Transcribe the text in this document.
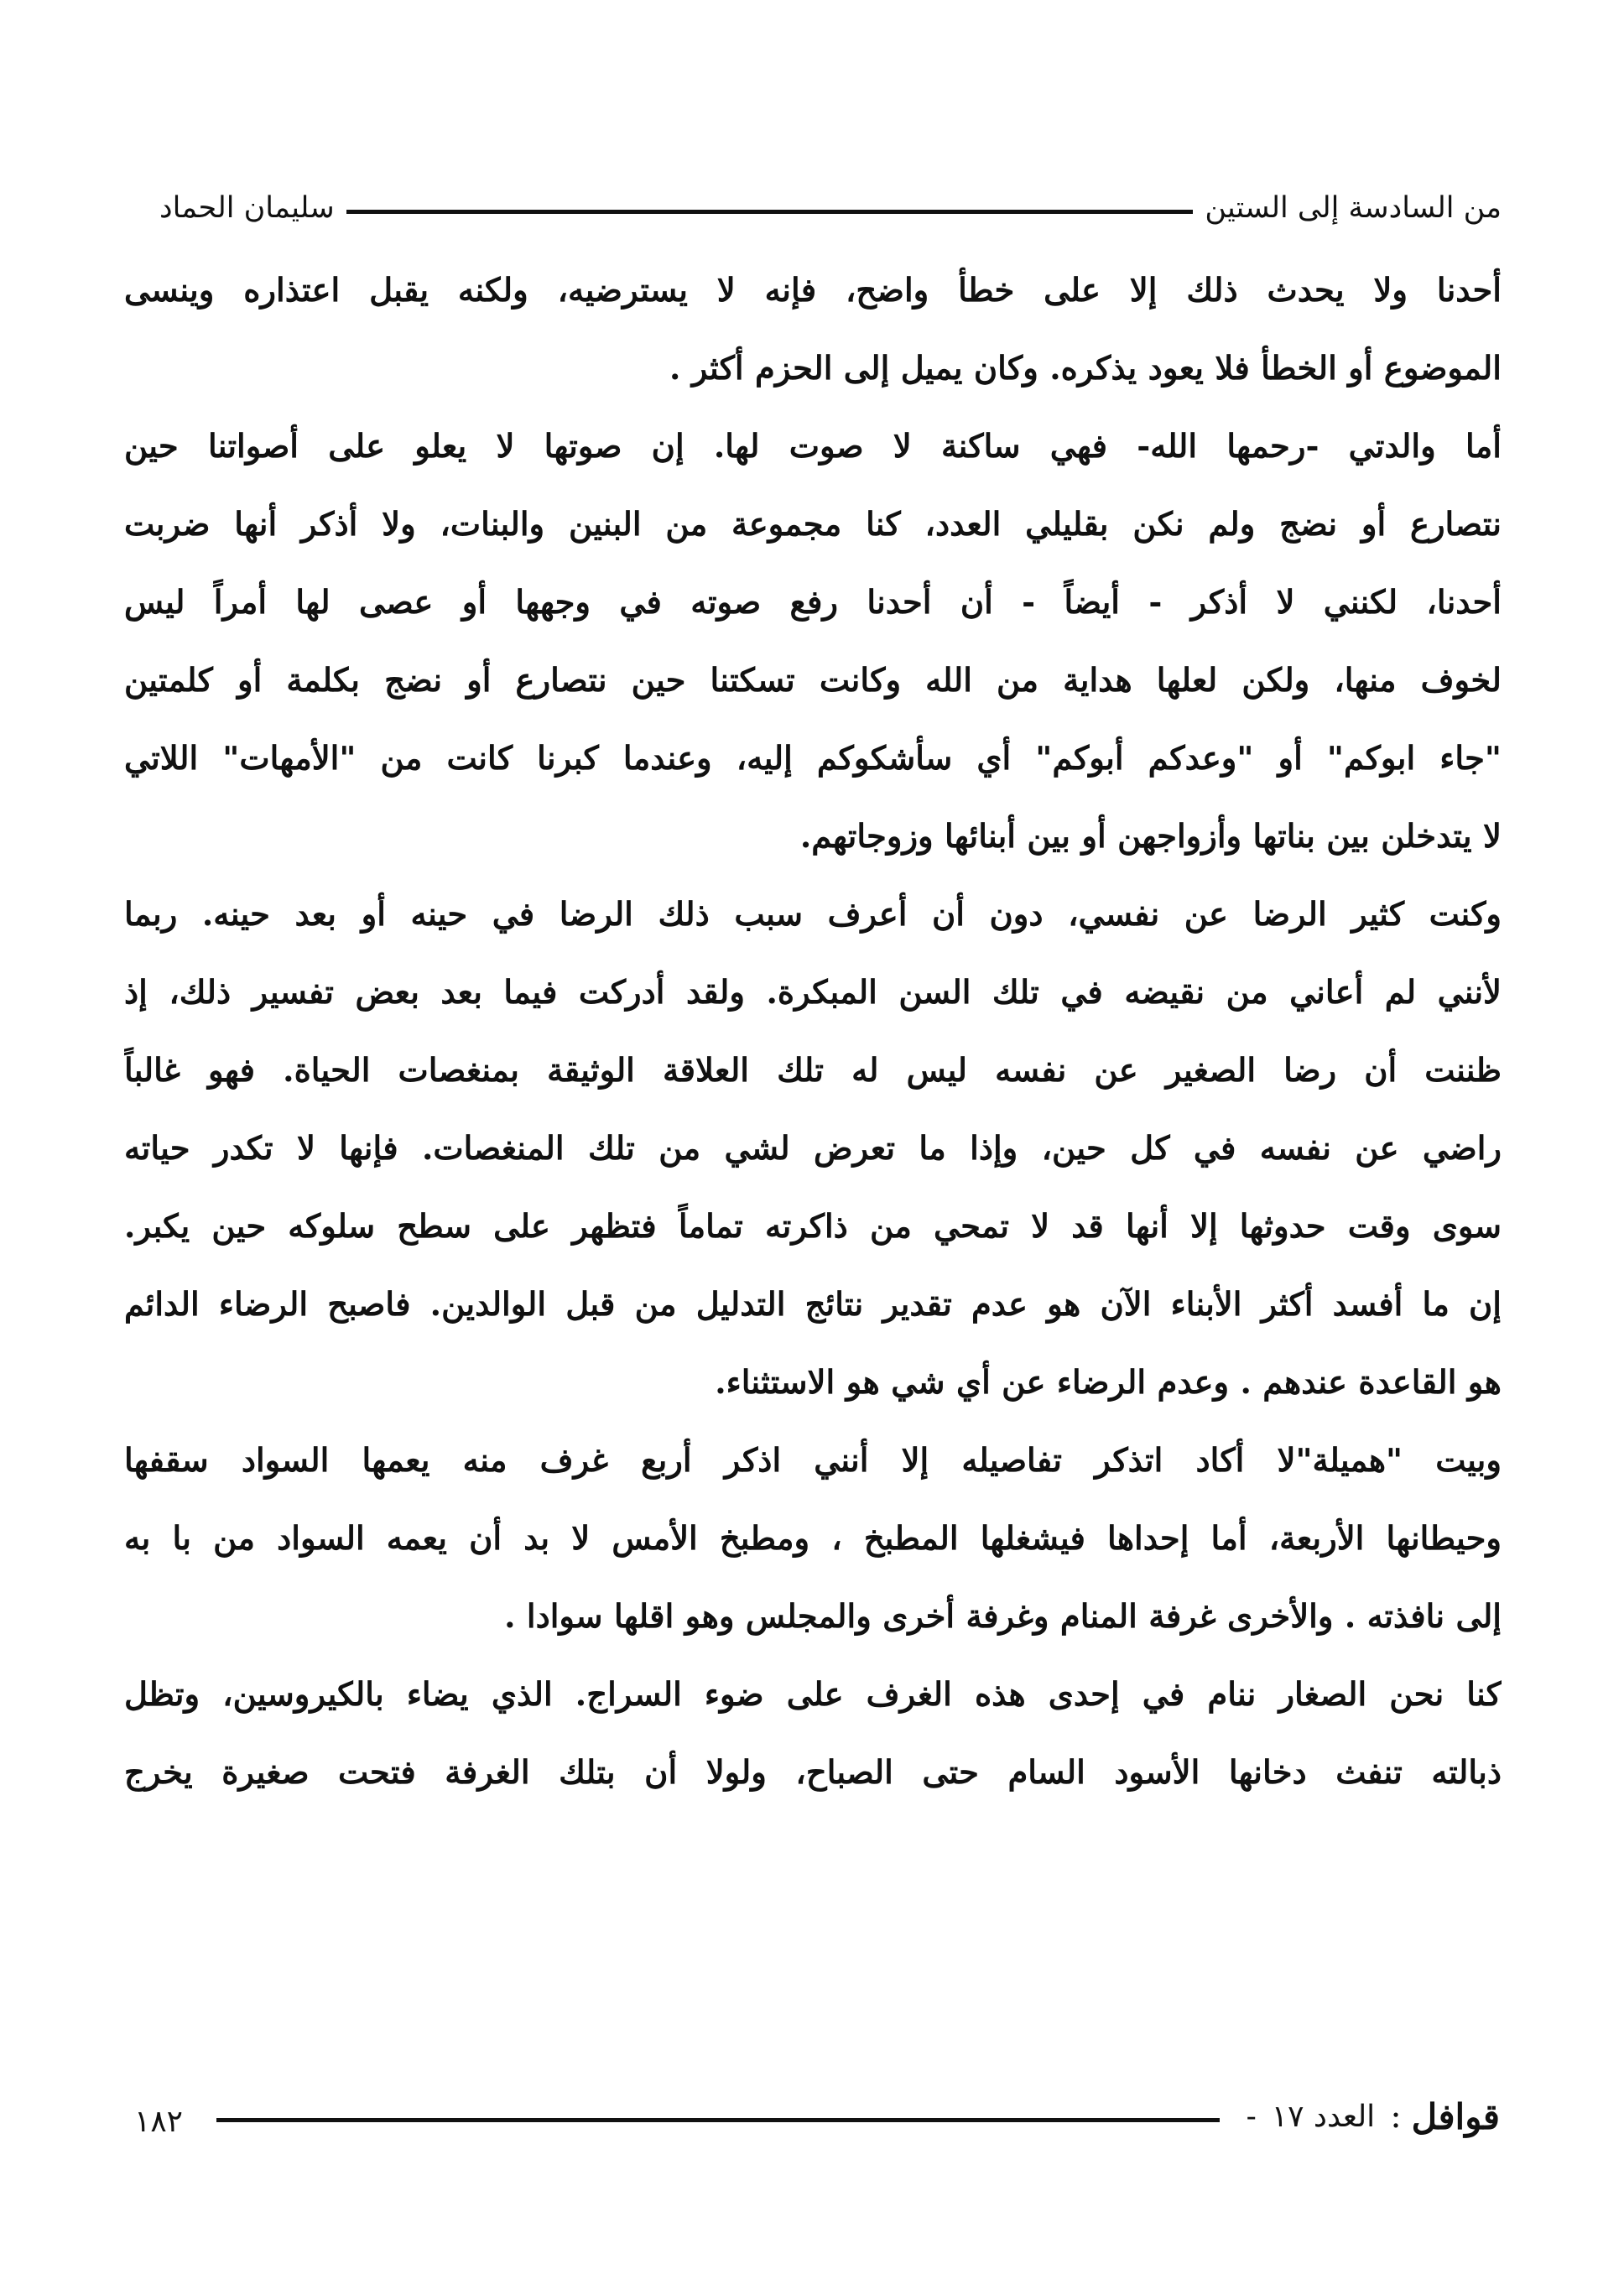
من السادسة إلى الستين
سليمان الحماد
أحدنا ولا يحدث ذلك إلا على خطأ واضح، فإنه لا يسترضيه، ولكنه يقبل اعتذاره وينسى
الموضوع أو الخطأ فلا يعود يذكره. وكان يميل إلى الحزم أكثر .
أما والدتي -رحمها الله- فهي ساكنة لا صوت لها. إن صوتها لا يعلو على أصواتنا حين
نتصارع أو نضج ولم نكن بقليلي العدد، كنا مجموعة من البنين والبنات، ولا أذكر أنها ضربت
أحدنا، لكنني لا أذكر - أيضاً - أن أحدنا رفع صوته في وجهها أو عصى لها أمراً ليس
لخوف منها، ولكن لعلها هداية من الله وكانت تسكتنا حين نتصارع أو نضج بكلمة أو كلمتين
"جاء ابوكم" أو "وعدكم أبوكم" أي سأشكوكم إليه، وعندما كبرنا كانت من "الأمهات" اللاتي
لا يتدخلن بين بناتها وأزواجهن أو بين أبنائها وزوجاتهم.
وكنت كثير الرضا عن نفسي، دون أن أعرف سبب ذلك الرضا في حينه أو بعد حينه. ربما
لأنني لم أعاني من نقيضه في تلك السن المبكرة. ولقد أدركت فيما بعد بعض تفسير ذلك، إذ
ظننت أن رضا الصغير عن نفسه ليس له تلك العلاقة الوثيقة بمنغصات الحياة. فهو غالباً
راضي عن نفسه في كل حين، وإذا ما تعرض لشي من تلك المنغصات. فإنها لا تكدر حياته
سوى وقت حدوثها إلا أنها قد لا تمحي من ذاكرته تماماً فتظهر على سطح سلوكه حين يكبر.
إن ما أفسد أكثر الأبناء الآن هو عدم تقدير نتائج التدليل من قبل الوالدين. فاصبح الرضاء الدائم
هو القاعدة عندهم . وعدم الرضاء عن أي شي هو الاستثناء.
وبيت "هميلة"لا أكاد اتذكر تفاصيله إلا أنني اذكر أربع غرف منه يعمها السواد سقفها
وحيطانها الأربعة، أما إحداها فيشغلها المطبخ ، ومطبخ الأمس لا بد أن يعمه السواد من با به
إلى نافذته . والأخرى غرفة المنام وغرفة أخرى والمجلس وهو اقلها سوادا .
كنا نحن الصغار ننام في إحدى هذه الغرف على ضوء السراج. الذي يضاء بالكيروسين، وتظل
ذبالته تنفث دخانها الأسود السام حتى الصباح، ولولا أن بتلك الغرفة فتحت صغيرة يخرج
قوافل
:
العدد ١٧
-
١٨٢
